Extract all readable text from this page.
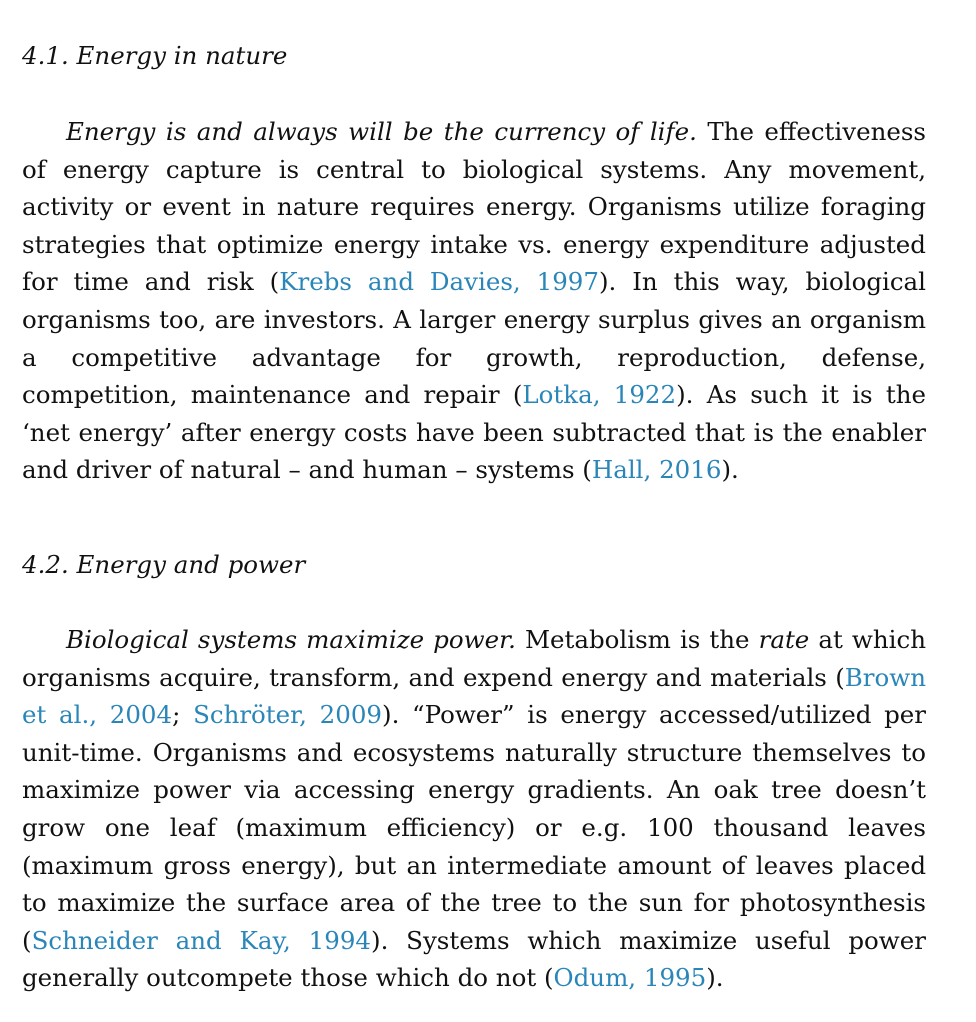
4.1. Energy in nature

Energy is and always will be the currency of life. The effectiveness of energy capture is central to biological systems. Any movement, activity or event in nature requires energy. Organisms utilize foraging strategies that optimize energy intake vs. energy expenditure adjusted for time and risk (Krebs and Davies, 1997). In this way, biological organisms too, are investors. A larger energy surplus gives an organism a competitive advantage for growth, reproduction, defense, competition, maintenance and repair (Lotka, 1922). As such it is the ‘net energy’ after energy costs have been subtracted that is the enabler and driver of natural – and human – systems (Hall, 2016).

4.2. Energy and power

Biological systems maximize power. Metabolism is the rate at which organisms acquire, transform, and expend energy and materials (Brown et al., 2004; Schröter, 2009). “Power” is energy accessed/utilized per unit-time. Organisms and ecosystems naturally structure themselves to maximize power via accessing energy gradients. An oak tree doesn’t grow one leaf (maximum efficiency) or e.g. 100 thousand leaves (maximum gross energy), but an intermediate amount of leaves placed to maximize the surface area of the tree to the sun for photosynthesis (Schneider and Kay, 1994). Systems which maximize useful power generally outcompete those which do not (Odum, 1995).
